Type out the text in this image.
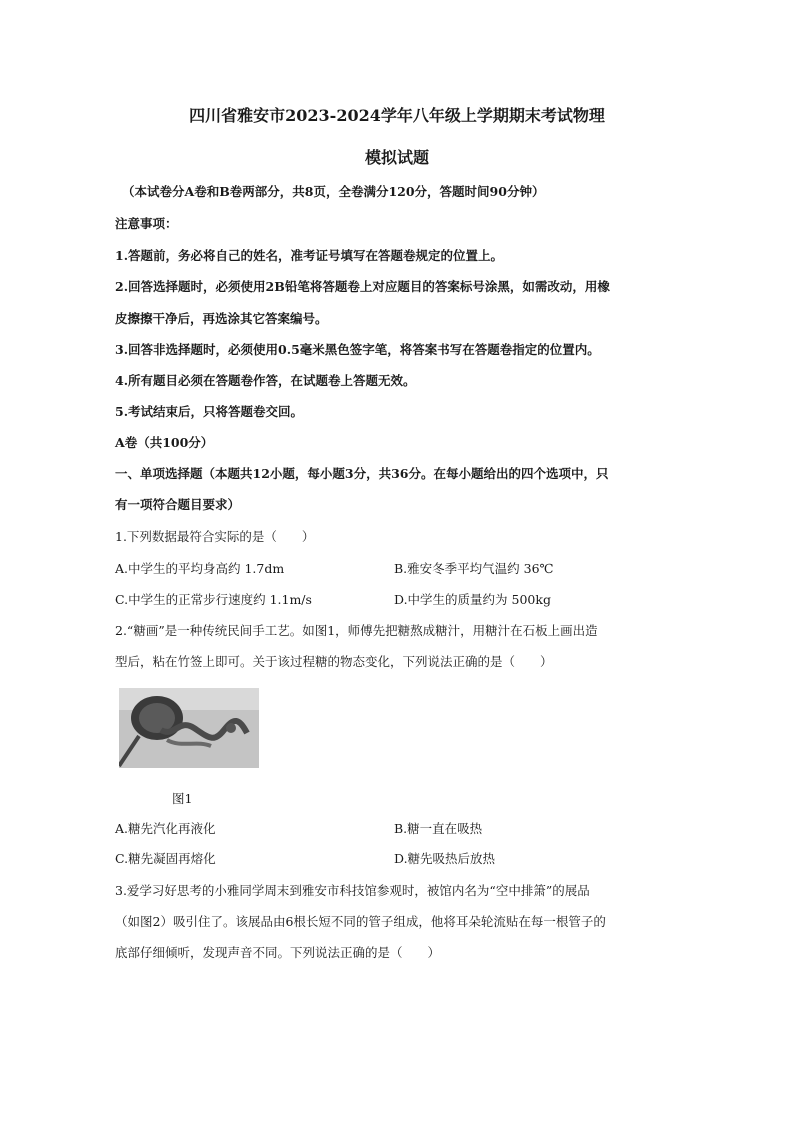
四川省雅安市2023-2024学年八年级上学期期末考试物理
模拟试题
（本试卷分A卷和B卷两部分，共8页，全卷满分120分，答题时间90分钟）
注意事项：
1.答题前，务必将自己的姓名，准考证号填写在答题卷规定的位置上。
2.回答选择题时，必须使用2B铅笔将答题卷上对应题目的答案标号涂黑，如需改动，用橡
皮擦擦干净后，再选涂其它答案编号。
3.回答非选择题时，必须使用0.5毫米黑色签字笔，将答案书写在答题卷指定的位置内。
4.所有题目必须在答题卷作答，在试题卷上答题无效。
5.考试结束后，只将答题卷交回。
A卷（共100分）
一、单项选择题（本题共12小题，每小题3分，共36分。在每小题给出的四个选项中，只
有一项符合题目要求）
1.下列数据最符合实际的是（　　）
A.中学生的平均身高约 1.7dm	B.雅安冬季平均气温约 36℃
C.中学生的正常步行速度约 1.1m/s	D.中学生的质量约为 500kg
2.“糖画”是一种传统民间手工艺。如图1，师傅先把糖熬成糖汁，用糖汁在石板上画出造
型后，粘在竹签上即可。关于该过程糖的物态变化，下列说法正确的是（　　）
图1
A.糖先汽化再液化	B.糖一直在吸热
C.糖先凝固再熔化	D.糖先吸热后放热
3.爱学习好思考的小雅同学周末到雅安市科技馆参观时，被馆内名为“空中排箫”的展品
（如图2）吸引住了。该展品由6根长短不同的管子组成，他将耳朵轮流贴在每一根管子的
底部仔细倾听，发现声音不同。下列说法正确的是（　　）
